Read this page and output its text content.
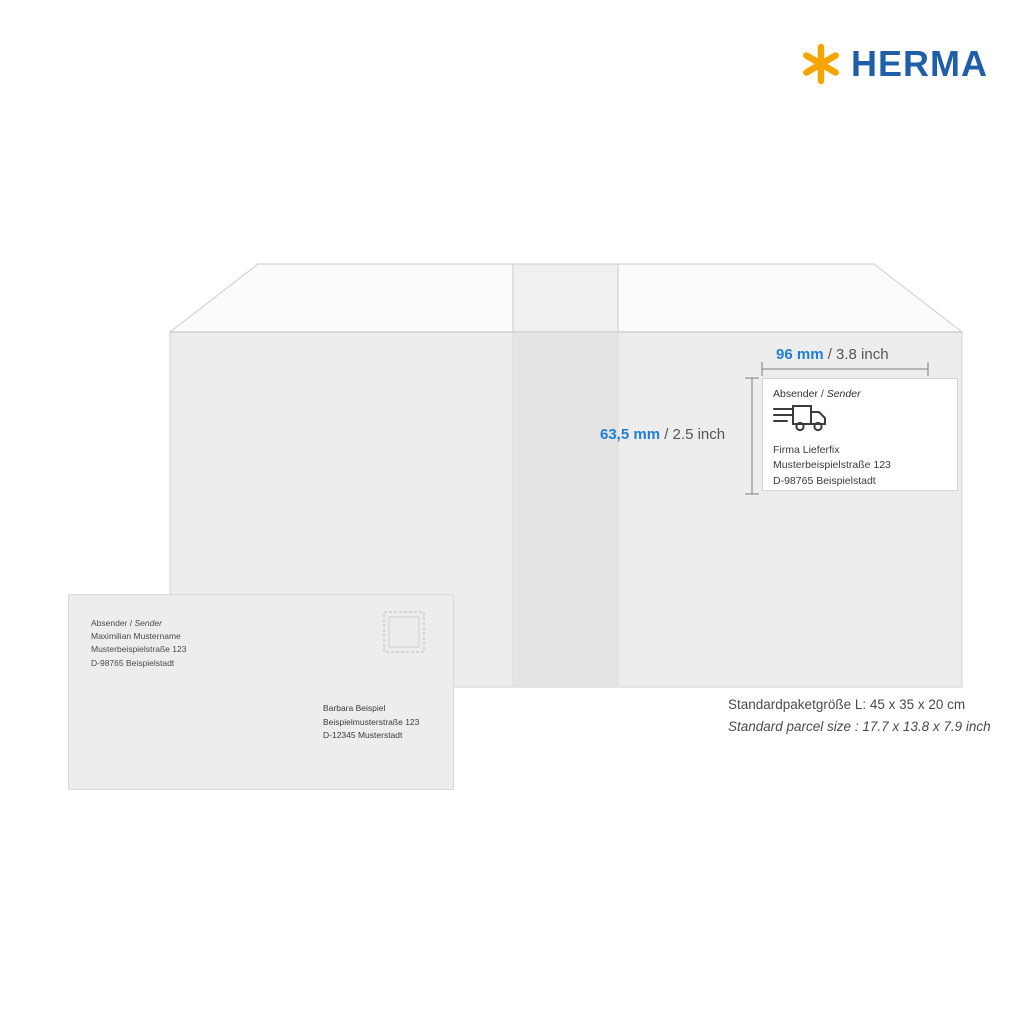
HERMA
96 mm / 3.8 inch
63,5 mm / 2.5 inch
Absender / Sender
Firma Lieferfix
Musterbeispielstraße 123
D-98765 Beispielstadt
Absender / Sender
Maximilian Mustername
Musterbeispielstraße 123
D-98765 Beispielstadt
Barbara Beispiel
Beispielmusterstraße 123
D-12345 Musterstadt
Standardpaketgröße L: 45 x 35 x 20 cm
Standard parcel size : 17.7 x 13.8 x 7.9 inch
